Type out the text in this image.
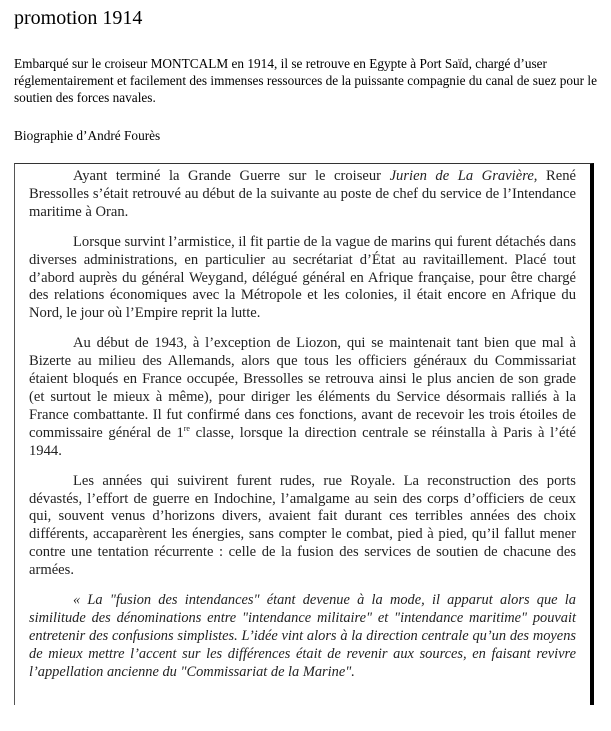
promotion 1914

Embarqué sur le croiseur MONTCALM en 1914, il se retrouve en Egypte à Port Saïd, chargé d’user réglementairement et facilement des immenses ressources de la puissante compagnie du canal de suez pour le soutien des forces navales.

Biographie d’André Fourès

Ayant terminé la Grande Guerre sur le croiseur Jurien de La Gravière, René Bressolles s’était retrouvé au début de la suivante au poste de chef du service de l’Intendance maritime à Oran.

Lorsque survint l’armistice, il fit partie de la vague de marins qui furent détachés dans diverses administrations, en particulier au secrétariat d’État au ravitaillement. Placé tout d’abord auprès du général Weygand, délégué général en Afrique française, pour être chargé des relations économiques avec la Métropole et les colonies, il était encore en Afrique du Nord, le jour où l’Empire reprit la lutte.

Au début de 1943, à l’exception de Liozon, qui se maintenait tant bien que mal à Bizerte au milieu des Allemands, alors que tous les officiers généraux du Commissariat étaient bloqués en France occupée, Bressolles se retrouva ainsi le plus ancien de son grade (et surtout le mieux à même), pour diriger les éléments du Service désormais ralliés à la France combattante. Il fut confirmé dans ces fonctions, avant de recevoir les trois étoiles de commissaire général de 1re classe, lorsque la direction centrale se réinstalla à Paris à l’été 1944.

Les années qui suivirent furent rudes, rue Royale. La reconstruction des ports dévastés, l’effort de guerre en Indochine, l’amalgame au sein des corps d’officiers de ceux qui, souvent venus d’horizons divers, avaient fait durant ces terribles années des choix différents, accaparèrent les énergies, sans compter le combat, pied à pied, qu’il fallut mener contre une tentation récurrente : celle de la fusion des services de soutien de chacune des armées.

« La "fusion des intendances" étant devenue à la mode, il apparut alors que la similitude des dénominations entre "intendance militaire" et "intendance maritime" pouvait entretenir des confusions simplistes. L’idée vint alors à la direction centrale qu’un des moyens de mieux mettre l’accent sur les différences était de revenir aux sources, en faisant revivre l’appellation ancienne du "Commissariat de la Marine".
